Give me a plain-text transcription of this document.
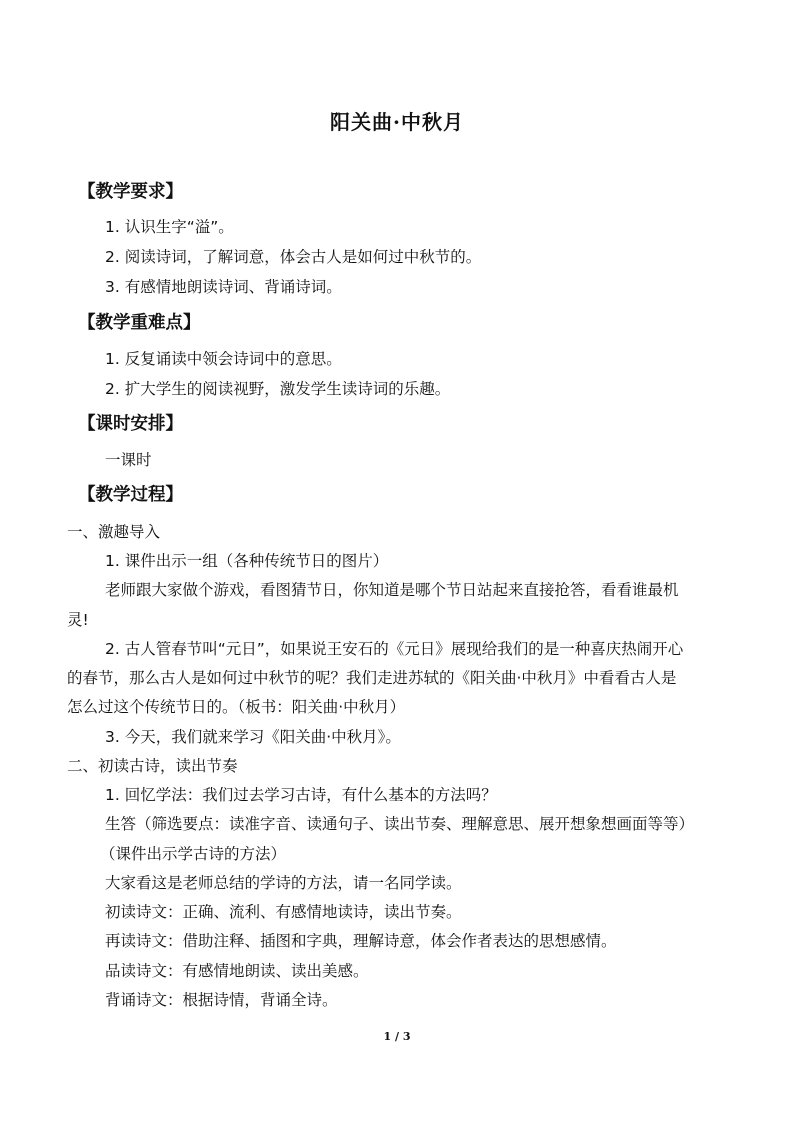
阳关曲·中秋月
【教学要求】
1. 认识生字“溢”。
2. 阅读诗词，了解词意，体会古人是如何过中秋节的。
3. 有感情地朗读诗词、背诵诗词。
【教学重难点】
1. 反复诵读中领会诗词中的意思。
2. 扩大学生的阅读视野，激发学生读诗词的乐趣。
【课时安排】
一课时
【教学过程】
一、激趣导入
1. 课件出示一组（各种传统节日的图片）
老师跟大家做个游戏，看图猜节日，你知道是哪个节日站起来直接抢答，看看谁最机
灵!
2. 古人管春节叫“元日”，如果说王安石的《元日》展现给我们的是一种喜庆热闹开心
的春节，那么古人是如何过中秋节的呢？我们走进苏轼的《阳关曲·中秋月》中看看古人是
怎么过这个传统节日的。（板书：阳关曲·中秋月）
3. 今天，我们就来学习《阳关曲·中秋月》。
二、初读古诗，读出节奏
1. 回忆学法：我们过去学习古诗，有什么基本的方法吗？
生答（筛选要点：读准字音、读通句子、读出节奏、理解意思、展开想象想画面等等）
（课件出示学古诗的方法）
大家看这是老师总结的学诗的方法，请一名同学读。
初读诗文：正确、流利、有感情地读诗，读出节奏。
再读诗文：借助注释、插图和字典，理解诗意，体会作者表达的思想感情。
品读诗文：有感情地朗读、读出美感。
背诵诗文：根据诗情，背诵全诗。
1 / 3
